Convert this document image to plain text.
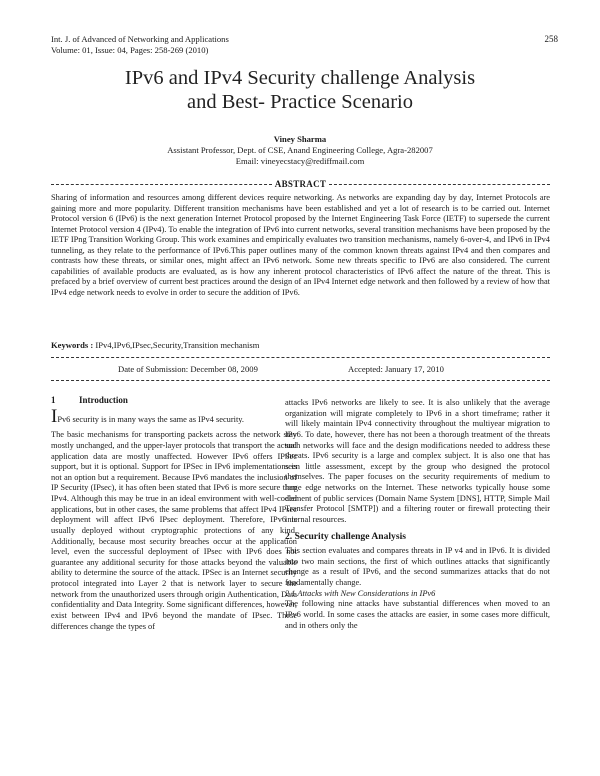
Int. J. of Advanced of Networking and Applications
Volume: 01, Issue: 04, Pages: 258-269 (2010)
258
IPv6 and IPv4 Security challenge Analysis
and Best- Practice Scenario
Viney Sharma
Assistant Professor, Dept. of CSE, Anand Engineering College, Agra-282007
Email: vineyecstacy@rediffmail.com
ABSTRACT

Sharing of information and resources among different devices require networking. As networks are expanding day by day, Internet Protocols are gaining more and more popularity. Different transition mechanisms have been established and yet a lot of research is to be carried out. Internet Protocol version 6 (IPv6) is the next generation Internet Protocol proposed by the Internet Engineering Task Force (IETF) to supersede the current Internet Protocol version 4 (IPv4). To enable the integration of IPv6 into current networks, several transition mechanisms have been proposed by the IETF IPng Transition Working Group. This work examines and empirically evaluates two transition mechanisms, namely 6-over-4, and IPv6 in IPv4 tunneling, as they relate to the performance of IPv6.This paper outlines many of the common known threats against IPv4 and then compares and contrasts how these threats, or similar ones, might affect an IPv6 network. Some new threats specific to IPv6 are also considered. The current capabilities of available products are evaluated, as is how any inherent protocol characteristics of IPv6 affect the nature of the threat. This is prefaced by a brief overview of current best practices around the design of an IPv4 Internet edge network and then followed by a review of how that IPv4 edge network needs to evolve in order to secure the addition of IPv6.

Keywords : IPv4,IPv6,IPsec,Security,Transition mechanism
Date of Submission: December 08, 2009	Accepted: January 17, 2010
1	Introduction

IPv6 security is in many ways the same as IPv4 security.

The basic mechanisms for transporting packets across the network stay mostly unchanged, and the upper-layer protocols that transport the actual application data are mostly unaffected. However IPv6 offers IPSec support, but it is optional. Support for IPSec in IPv6 implementations is not an option but a requirement. Because IPv6 mandates the inclusion of IP Security (IPsec), it has often been stated that IPv6 is more secure than IPv4. Although this may be true in an ideal environment with well-coded applications, but in other cases, the same problems that affect IPv4 IPsec deployment will affect IPv6 IPsec deployment. Therefore, IPv6 is usually deployed without cryptographic protections of any kind. Additionally, because most security breaches occur at the application level, even the successful deployment of IPsec with IPv6 does not guarantee any additional security for those attacks beyond the valuable ability to determine the source of the attack. IPSec is an Internet security protocol integrated into Layer 2 that is network layer to secure the network from the unauthorized users through origin Authentication, Data confidentiality and Data Integrity. Some significant differences, however, exist between IPv4 and IPv6 beyond the mandate of IPsec. These differences change the types of

attacks IPv6 networks are likely to see. It is also unlikely that the average organization will migrate completely to IPv6 in a short timeframe; rather it will likely maintain IPv4 connectivity throughout the multiyear migration to IPv6. To date, however, there has not been a thorough treatment of the threats such networks will face and the design modifications needed to address these threats. IPv6 security is a large and complex subject. It is also one that has seen little assessment, except by the group who designed the protocol themselves. The paper focuses on the security requirements of medium to large edge networks on the Internet. These networks typically house some element of public services (Domain Name System [DNS], HTTP, Simple Mail Transfer Protocol [SMTP]) and a filtering router or firewall protecting their internal resources.

2. Security challenge Analysis

This section evaluates and compares threats in IP v4 and in IPv6. It is divided into two main sections, the first of which outlines attacks that significantly change as a result of IPv6, and the second summarizes attacks that do not fundamentally change.

2.1 Attacks with New Considerations in IPv6

The following nine attacks have substantial differences when moved to an IPv6 world. In some cases the attacks are easier, in some cases more difficult, and in others only the
